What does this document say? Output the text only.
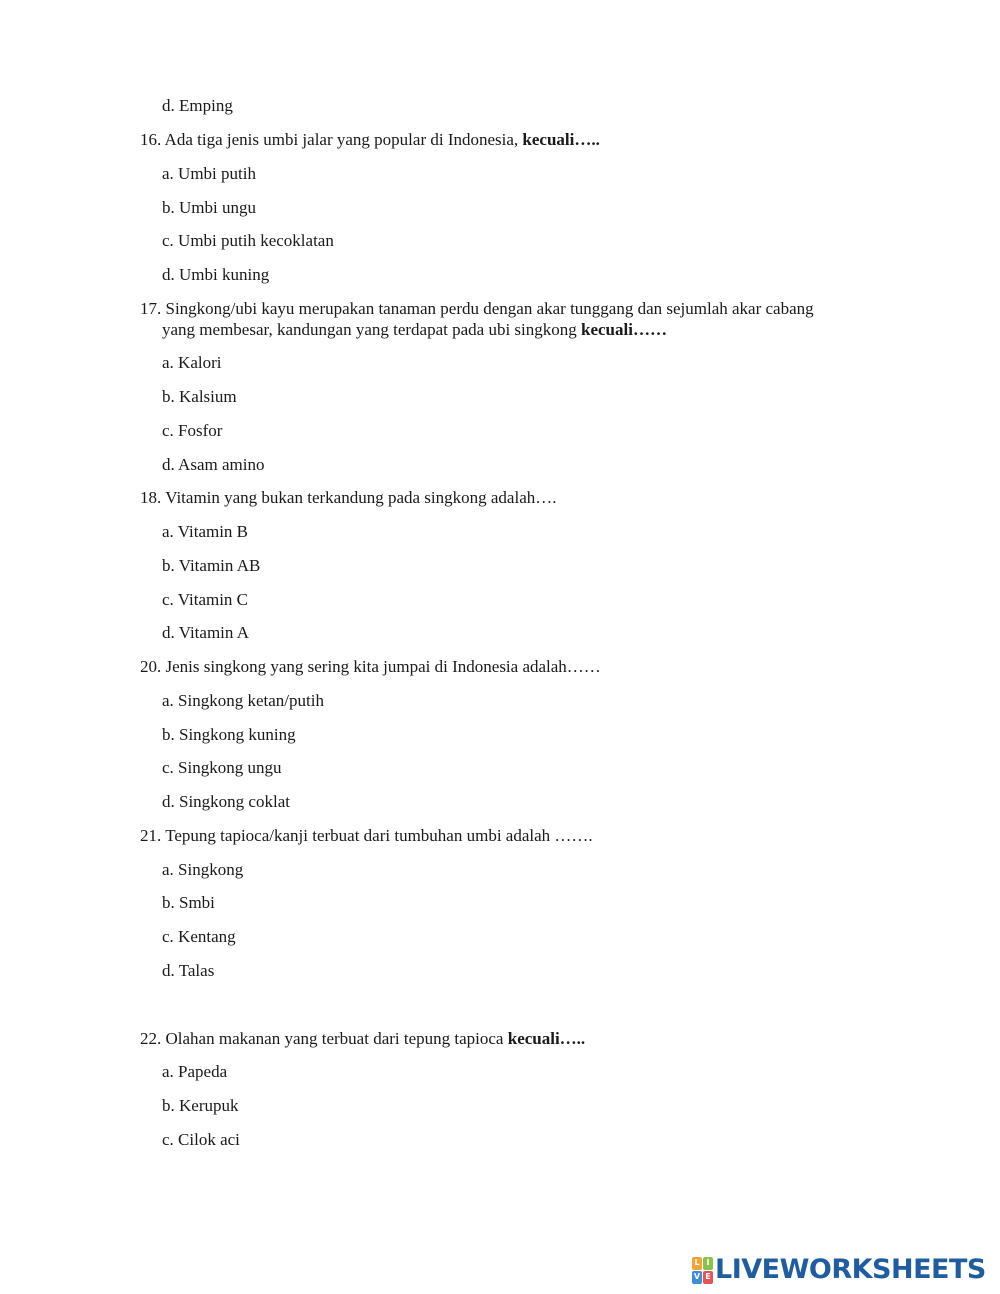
d. Emping
16. Ada tiga jenis umbi jalar yang popular di Indonesia, kecuali…..
a. Umbi putih
b. Umbi ungu
c. Umbi putih kecoklatan
d. Umbi kuning
17. Singkong/ubi kayu merupakan tanaman perdu dengan akar tunggang dan sejumlah akar cabang
yang membesar, kandungan yang terdapat pada ubi singkong kecuali……
a. Kalori
b. Kalsium
c. Fosfor
d. Asam amino
18. Vitamin yang bukan terkandung pada singkong adalah….
a. Vitamin B
b. Vitamin AB
c. Vitamin C
d. Vitamin A
20. Jenis singkong yang sering kita jumpai di Indonesia adalah……
a. Singkong ketan/putih
b. Singkong kuning
c. Singkong ungu
d. Singkong coklat
21. Tepung tapioca/kanji terbuat dari tumbuhan umbi adalah …….
a. Singkong
b. Smbi
c. Kentang
d. Talas
22. Olahan makanan yang terbuat dari tepung tapioca kecuali…..
a. Papeda
b. Kerupuk
c. Cilok aci
L I
V E LIVEWORKSHEETS
